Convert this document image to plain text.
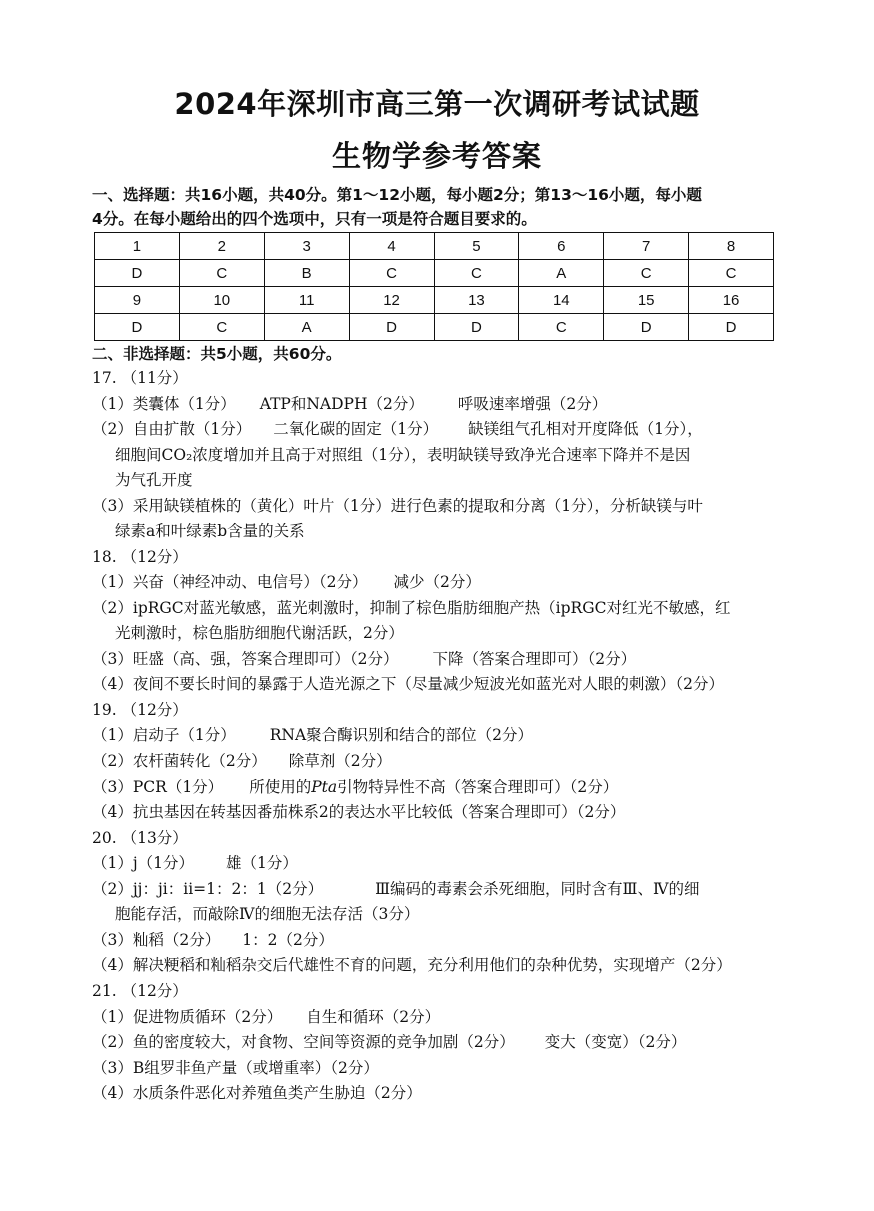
2024年深圳市高三第一次调研考试试题
生物学参考答案
一、选择题：共16小题，共40分。第1～12小题，每小题2分；第13～16小题，每小题
4分。在每小题给出的四个选项中，只有一项是符合题目要求的。
1	2	3	4	5	6	7	8
D	C	B	C	C	A	C	C
9	10	11	12	13	14	15	16
D	C	A	D	D	C	D	D
二、非选择题：共5小题，共60分。
17. （11分）
（1）类囊体（1分） ATP和NADPH（2分） 呼吸速率增强（2分）
（2）自由扩散（1分） 二氧化碳的固定（1分） 缺镁组气孔相对开度降低（1分），
细胞间CO₂浓度增加并且高于对照组（1分），表明缺镁导致净光合速率下降并不是因
为气孔开度
（3）采用缺镁植株的（黄化）叶片（1分）进行色素的提取和分离（1分），分析缺镁与叶
绿素a和叶绿素b含量的关系
18. （12分）
（1）兴奋（神经冲动、电信号）（2分） 减少（2分）
（2）ipRGC对蓝光敏感，蓝光刺激时，抑制了棕色脂肪细胞产热（ipRGC对红光不敏感，红
光刺激时，棕色脂肪细胞代谢活跃，2分）
（3）旺盛（高、强，答案合理即可）（2分） 下降（答案合理即可）（2分）
（4）夜间不要长时间的暴露于人造光源之下（尽量减少短波光如蓝光对人眼的刺激）（2分）
19. （12分）
（1）启动子（1分） RNA聚合酶识别和结合的部位（2分）
（2）农杆菌转化（2分） 除草剂（2分）
（3）PCR（1分） 所使用的Pta引物特异性不高（答案合理即可）（2分）
（4）抗虫基因在转基因番茄株系2的表达水平比较低（答案合理即可）（2分）
20. （13分）
（1）j（1分） 雄（1分）
（2）jj：ji：ii=1：2：1（2分）	Ⅲ编码的毒素会杀死细胞，同时含有Ⅲ、Ⅳ的细
胞能存活，而敲除Ⅳ的细胞无法存活（3分）
（3）籼稻（2分） 1：2（2分）
（4）解决粳稻和籼稻杂交后代雄性不育的问题，充分利用他们的杂种优势，实现增产（2分）
21. （12分）
（1）促进物质循环（2分） 自生和循环（2分）
（2）鱼的密度较大，对食物、空间等资源的竞争加剧（2分） 变大（变宽）（2分）
（3）B组罗非鱼产量（或增重率）（2分）
（4）水质条件恶化对养殖鱼类产生胁迫（2分）
